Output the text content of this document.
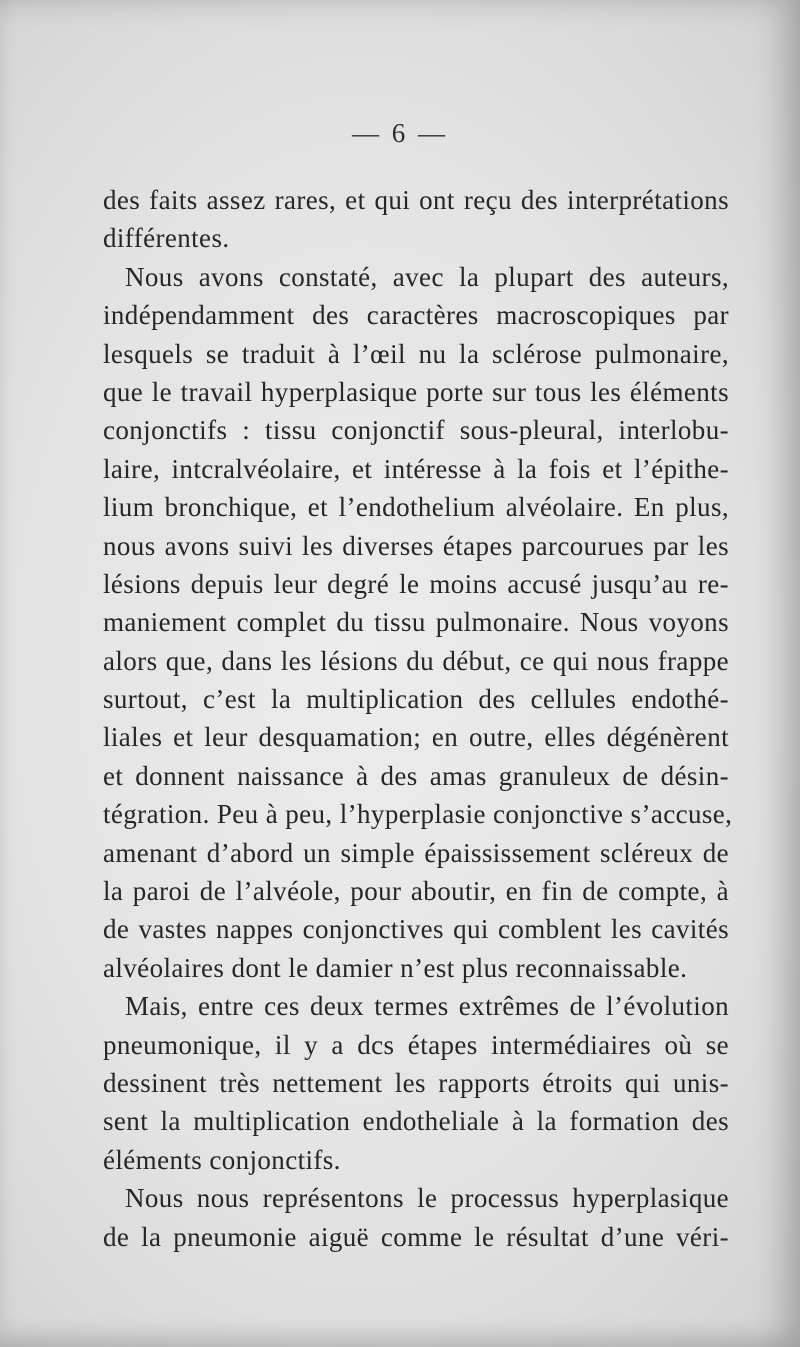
— 6 —

des faits assez rares, et qui ont reçu des interprétations
différentes.

Nous avons constaté, avec la plupart des auteurs,
indépendamment des caractères macroscopiques par
lesquels se traduit à l’œil nu la sclérose pulmonaire,
que le travail hyperplasique porte sur tous les éléments
conjonctifs : tissu conjonctif sous-pleural, interlobu-
laire, intcralvéolaire, et intéresse à la fois et l’épithe-
lium bronchique, et l’endothelium alvéolaire. En plus,
nous avons suivi les diverses étapes parcourues par les
lésions depuis leur degré le moins accusé jusqu’au re-
maniement complet du tissu pulmonaire. Nous voyons
alors que, dans les lésions du début, ce qui nous frappe
surtout, c’est la multiplication des cellules endothé-
liales et leur desquamation; en outre, elles dégénèrent
et donnent naissance à des amas granuleux de désin-
tégration. Peu à peu, l’hyperplasie conjonctive s’accuse,
amenant d’abord un simple épaississement scléreux de
la paroi de l’alvéole, pour aboutir, en fin de compte, à
de vastes nappes conjonctives qui comblent les cavités
alvéolaires dont le damier n’est plus reconnaissable.

Mais, entre ces deux termes extrêmes de l’évolution
pneumonique, il y a dcs étapes intermédiaires où se
dessinent très nettement les rapports étroits qui unis-
sent la multiplication endotheliale à la formation des
éléments conjonctifs.

Nous nous représentons le processus hyperplasique
de la pneumonie aiguë comme le résultat d’une véri-
